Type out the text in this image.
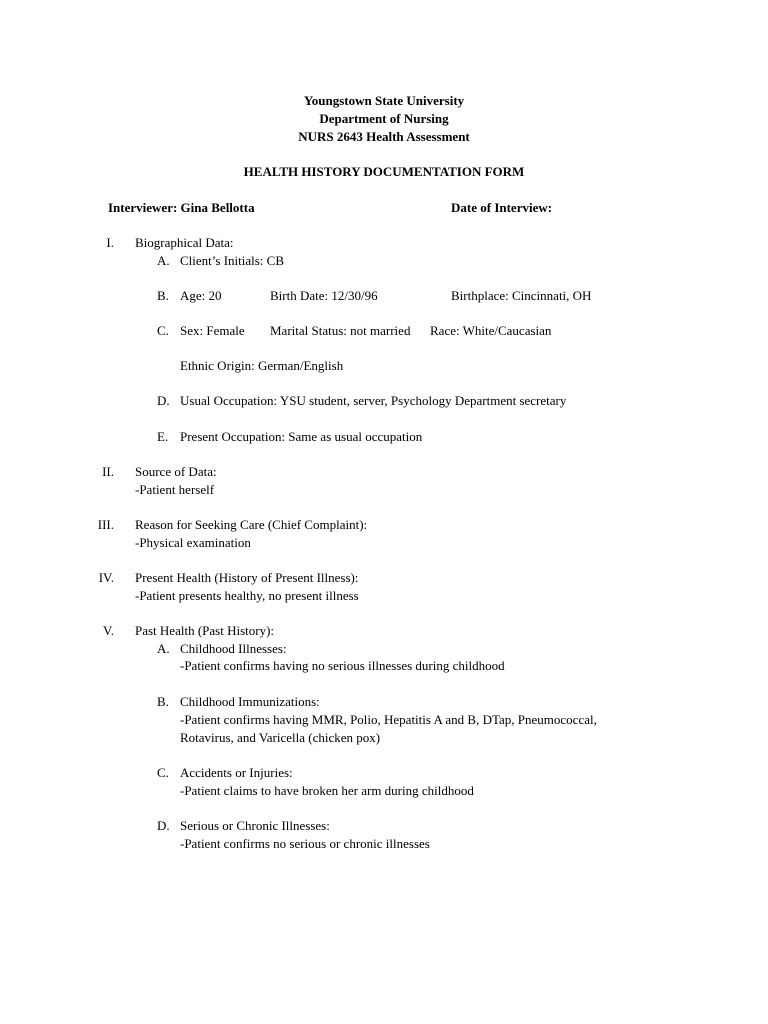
Youngstown State University
Department of Nursing
NURS 2643 Health Assessment
HEALTH HISTORY DOCUMENTATION FORM
Interviewer: Gina Bellotta	Date of Interview:
I. Biographical Data:
A. Client’s Initials: CB
B. Age: 20	Birth Date: 12/30/96	Birthplace: Cincinnati, OH
C. Sex: Female Marital Status: not married Race: White/Caucasian
Ethnic Origin: German/English
D. Usual Occupation: YSU student, server, Psychology Department secretary
E. Present Occupation: Same as usual occupation
II. Source of Data:
-Patient herself
III. Reason for Seeking Care (Chief Complaint):
-Physical examination
IV. Present Health (History of Present Illness):
-Patient presents healthy, no present illness
V. Past Health (Past History):
A. Childhood Illnesses:
-Patient confirms having no serious illnesses during childhood
B. Childhood Immunizations:
-Patient confirms having MMR, Polio, Hepatitis A and B, DTap, Pneumococcal,
Rotavirus, and Varicella (chicken pox)
C. Accidents or Injuries:
-Patient claims to have broken her arm during childhood
D. Serious or Chronic Illnesses:
-Patient confirms no serious or chronic illnesses
